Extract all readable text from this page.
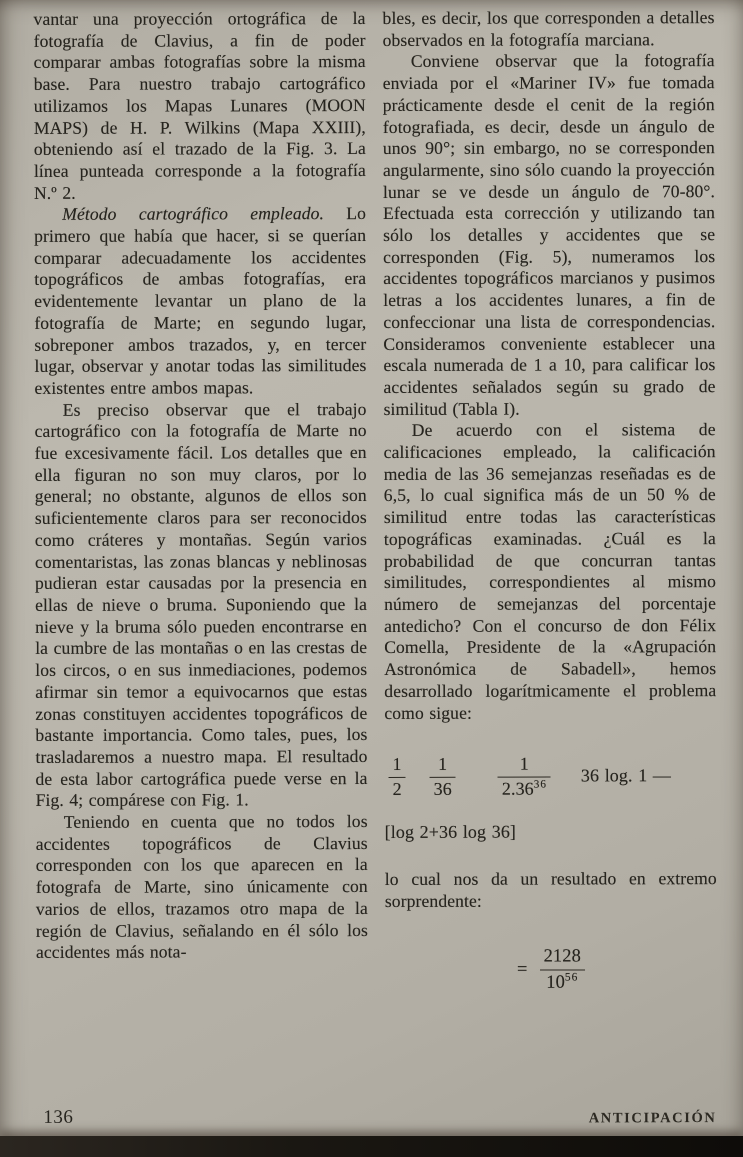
vantar una proyección ortográfica de la fotografía de Clavius, a fin de poder comparar ambas fotografías sobre la misma base. Para nuestro trabajo cartográfico utilizamos los Mapas Lunares (MOON MAPS) de H. P. Wilkins (Mapa XXIII), obteniendo así el trazado de la Fig. 3. La línea punteada corresponde a la fotografía N.º 2.

Método cartográfico empleado. Lo primero que había que hacer, si se querían comparar adecuadamente los accidentes topográficos de ambas fotografías, era evidentemente levantar un plano de la fotografía de Marte; en segundo lugar, sobreponer ambos trazados, y, en tercer lugar, observar y anotar todas las similitudes existentes entre ambos mapas.

Es preciso observar que el trabajo cartográfico con la fotografía de Marte no fue excesivamente fácil. Los detalles que en ella figuran no son muy claros, por lo general; no obstante, algunos de ellos son suficientemente claros para ser reconocidos como cráteres y montañas. Según varios comentaristas, las zonas blancas y neblinosas pudieran estar causadas por la presencia en ellas de nieve o bruma. Suponiendo que la nieve y la bruma sólo pueden encontrarse en la cumbre de las montañas o en las crestas de los circos, o en sus inmediaciones, podemos afirmar sin temor a equivocarnos que estas zonas constituyen accidentes topográficos de bastante importancia. Como tales, pues, los trasladaremos a nuestro mapa. El resultado de esta labor cartográfica puede verse en la Fig. 4; compárese con Fig. 1.

Teniendo en cuenta que no todos los accidentes topográficos de Clavius corresponden con los que aparecen en la fotografa de Marte, sino únicamente con varios de ellos, trazamos otro mapa de la región de Clavius, señalando en él sólo los accidentes más nota-

bles, es decir, los que corresponden a detalles observados en la fotografía marciana.

Conviene observar que la fotografía enviada por el «Mariner IV» fue tomada prácticamente desde el cenit de la región fotografiada, es decir, desde un ángulo de unos 90°; sin embargo, no se corresponden angularmente, sino sólo cuando la proyección lunar se ve desde un ángulo de 70-80°. Efectuada esta corrección y utilizando tan sólo los detalles y accidentes que se corresponden (Fig. 5), numeramos los accidentes topográficos marcianos y pusimos letras a los accidentes lunares, a fin de confeccionar una lista de correspondencias. Consideramos conveniente establecer una escala numerada de 1 a 10, para calificar los accidentes señalados según su grado de similitud (Tabla I).

De acuerdo con el sistema de calificaciones empleado, la calificación media de las 36 semejanzas reseñadas es de 6,5, lo cual significa más de un 50 % de similitud entre todas las características topográficas examinadas. ¿Cuál es la probabilidad de que concurran tantas similitudes, correspondientes al mismo número de semejanzas del porcentaje antedicho? Con el concurso de don Félix Comella, Presidente de la «Agrupación Astronómica de Sabadell», hemos desarrollado logarítmicamente el problema como sigue:

$\frac{1}{2} \frac{1}{36} \frac{1}{2.36^{36}} 36$ log. 1 —

[log 2+36 log 36]

lo cual nos da un resultado en extremo sorprendente:

= $\frac{2128}{10^{56}}$
136	ANTICIPACIÓN
